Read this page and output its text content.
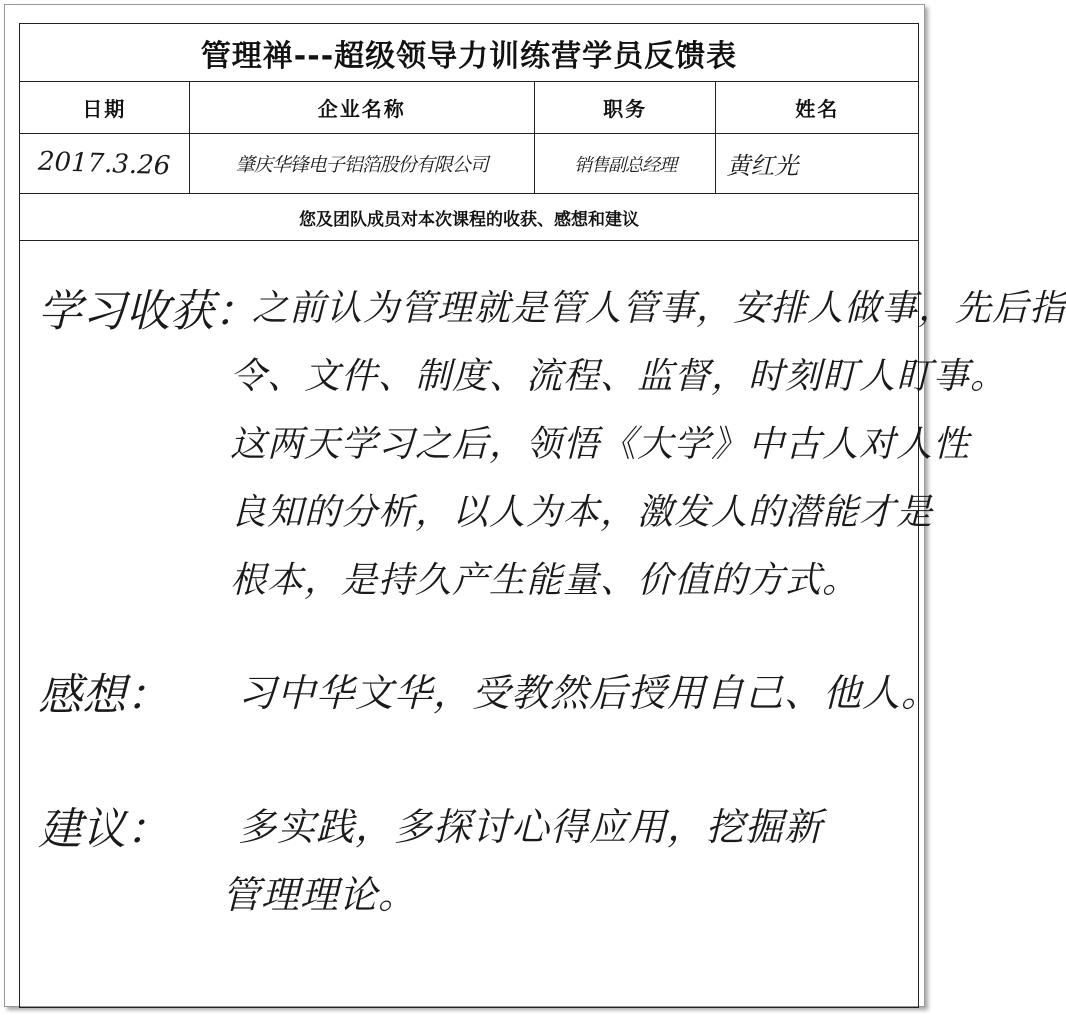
管理禅---超级领导力训练营学员反馈表
日期	企业名称	职务	姓名
2017.3.26	肇庆华锋电子铝箔股份有限公司	销售副总经理 黄红光
您及团队成员对本次课程的收获、感想和建议
学习收获：
之前认为管理就是管人管事，安排人做事，先后指
令、文件、制度、流程、监督，时刻盯人盯事。
这两天学习之后，领悟《大学》中古人对人性
良知的分析，以人为本，激发人的潜能才是
根本，是持久产生能量、价值的方式。
感想：	习中华文华，受教然后授用自己、他人。
建议：	多实践，多探讨心得应用，挖掘新
管理理论。
